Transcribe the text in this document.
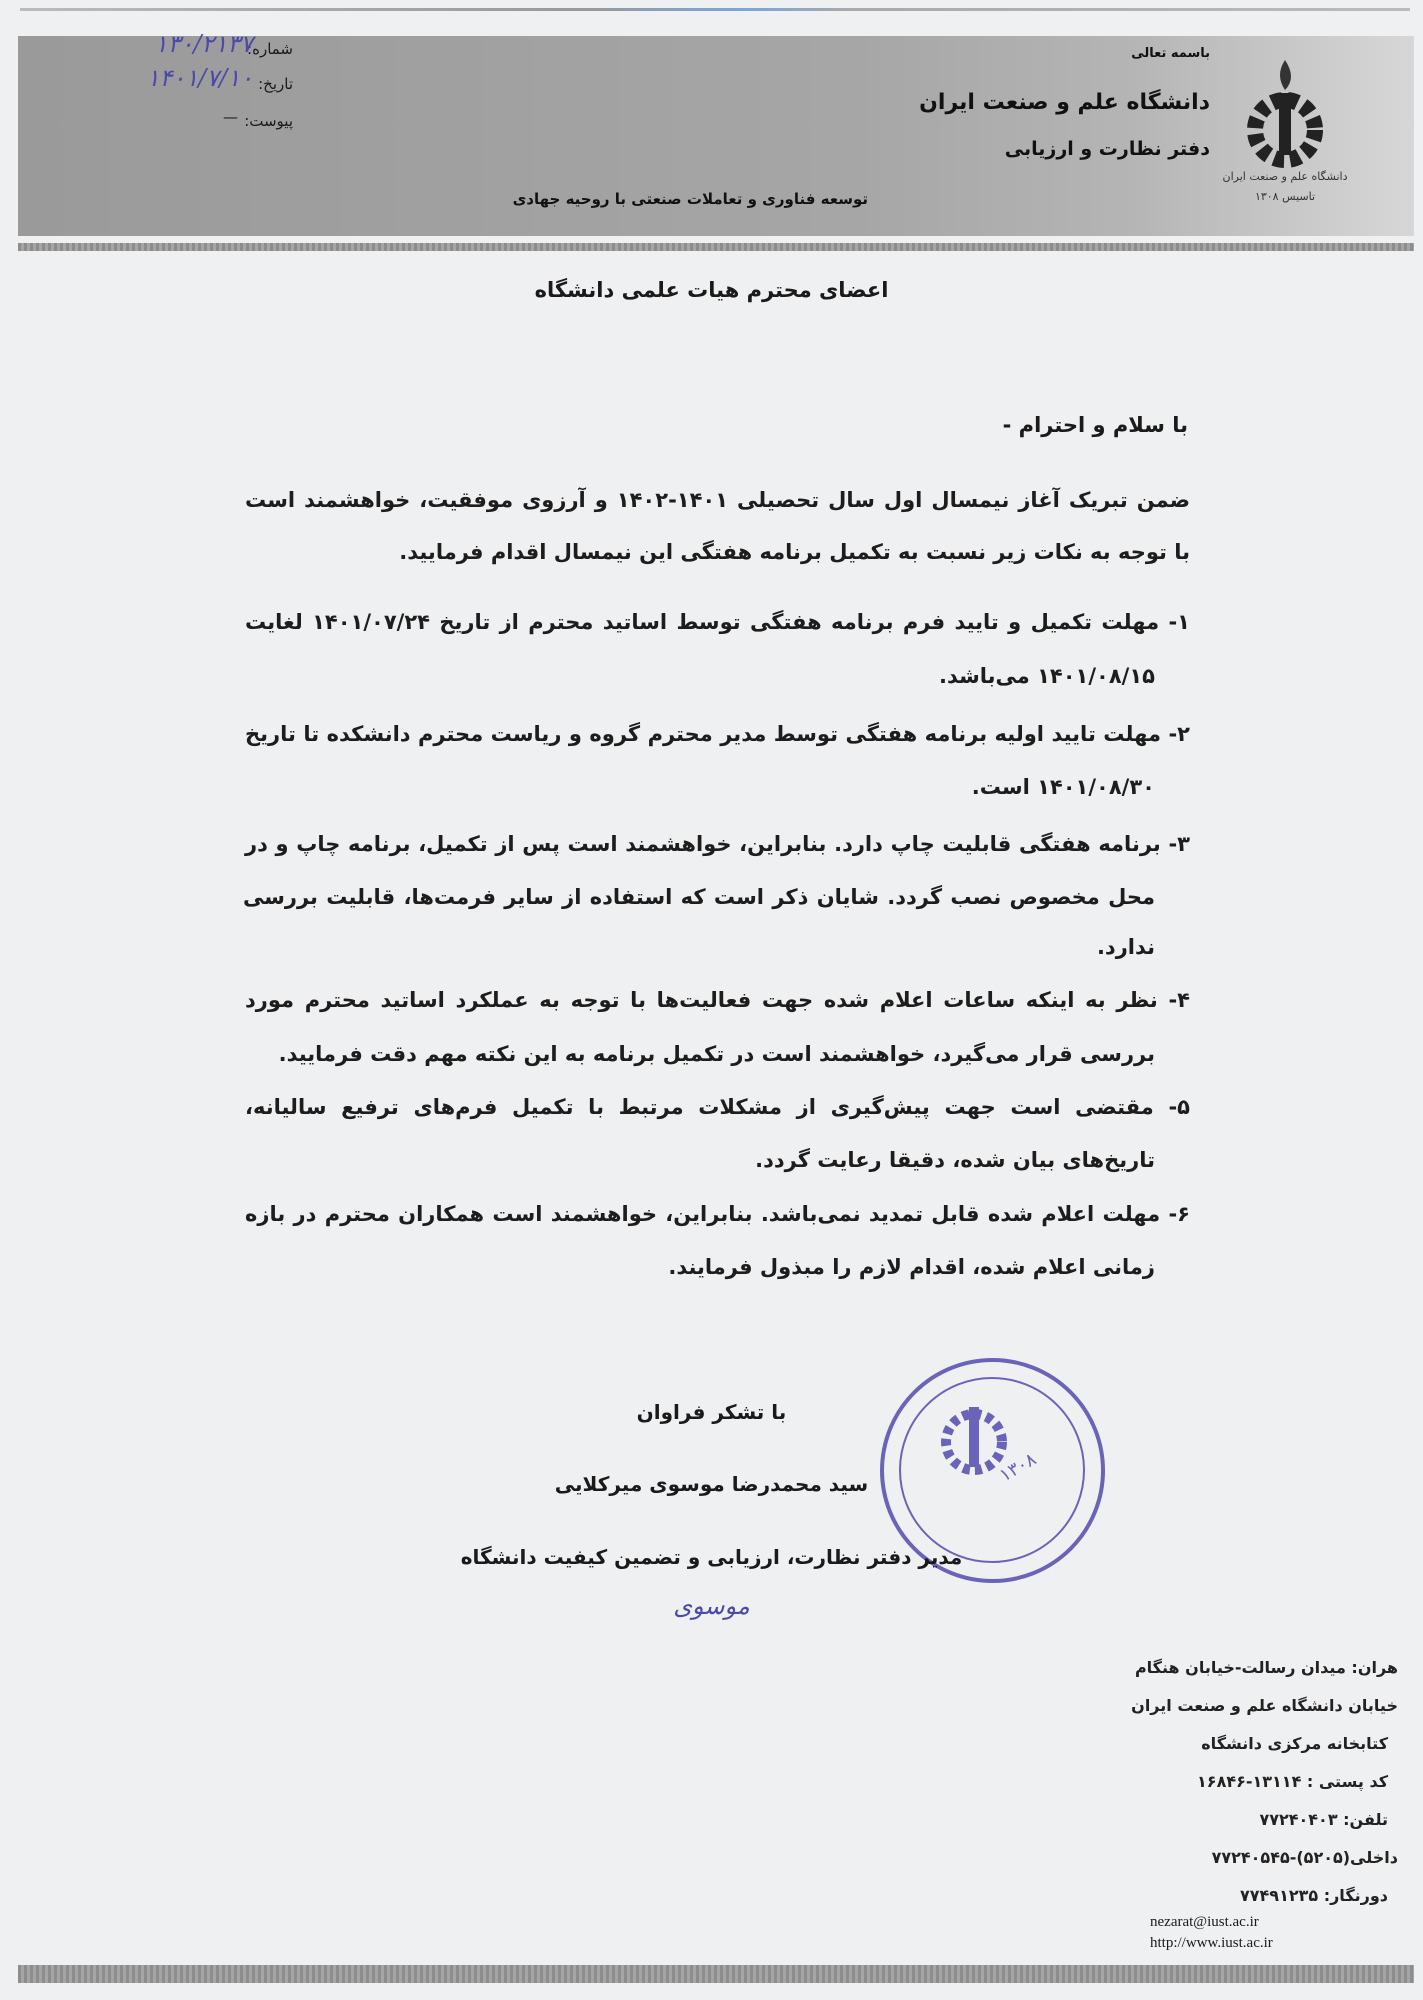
دانشگاه علم و صنعت ایران
تاسیس ۱۳۰۸
باسمه تعالی
دانشگاه علم و صنعت ایران
دفتر نظارت و ارزیابی
توسعه فناوری و تعاملات صنعتی با روحیه جهادی
شماره:
۱۳۰/۲۱۳۷
تاریخ:
۱۴۰۱/۷/۱۰
پیوست:
—
اعضای محترم هیات علمی دانشگاه
با سلام و احترام -
ضمن تبریک آغاز نیمسال اول سال تحصیلی ۱۴۰۱-۱۴۰۲ و آرزوی موفقیت، خواهشمند است
با توجه به نکات زیر نسبت به تکمیل برنامه هفتگی این نیمسال اقدام فرمایید.
۱- مهلت تکمیل و تایید فرم برنامه هفتگی توسط اساتید محترم از تاریخ ۱۴۰۱/۰۷/۲۴ لغایت
۱۴۰۱/۰۸/۱۵ می‌باشد.
۲- مهلت تایید اولیه برنامه هفتگی توسط مدیر محترم گروه و ریاست محترم دانشکده تا تاریخ
۱۴۰۱/۰۸/۳۰ است.
۳- برنامه هفتگی قابلیت چاپ دارد. بنابراین، خواهشمند است پس از تکمیل، برنامه چاپ و در
محل مخصوص نصب گردد. شایان ذکر است که استفاده از سایر فرمت‌ها، قابلیت بررسی
ندارد.
۴- نظر به اینکه ساعات اعلام شده جهت فعالیت‌ها با توجه به عملکرد اساتید محترم مورد
بررسی قرار می‌گیرد، خواهشمند است در تکمیل برنامه به این نکته مهم دقت فرمایید.
۵- مقتضی است جهت پیش‌گیری از مشکلات مرتبط با تکمیل فرم‌های ترفیع سالیانه،
تاریخ‌های بیان شده، دقیقا رعایت گردد.
۶- مهلت اعلام شده قابل تمدید نمی‌باشد. بنابراین، خواهشمند است همکاران محترم در بازه
زمانی اعلام شده، اقدام لازم را مبذول فرمایند.
۱۳۰۸
با تشکر فراوان
سید محمدرضا موسوی میرکلایی
مدیر دفتر نظارت، ارزیابی و تضمین کیفیت دانشگاه
موسوی
هران: میدان رسالت-خیابان هنگام
خیابان دانشگاه علم و صنعت ایران
کتابخانه مرکزی دانشگاه
کد پستی : ۱۳۱۱۴-۱۶۸۴۶
تلفن: ۷۷۲۴۰۴۰۳
داخلی(۵۲۰۵)-۷۷۲۴۰۵۴۵
دورنگار: ۷۷۴۹۱۲۳۵
nezarat@iust.ac.ir
http://www.iust.ac.ir
